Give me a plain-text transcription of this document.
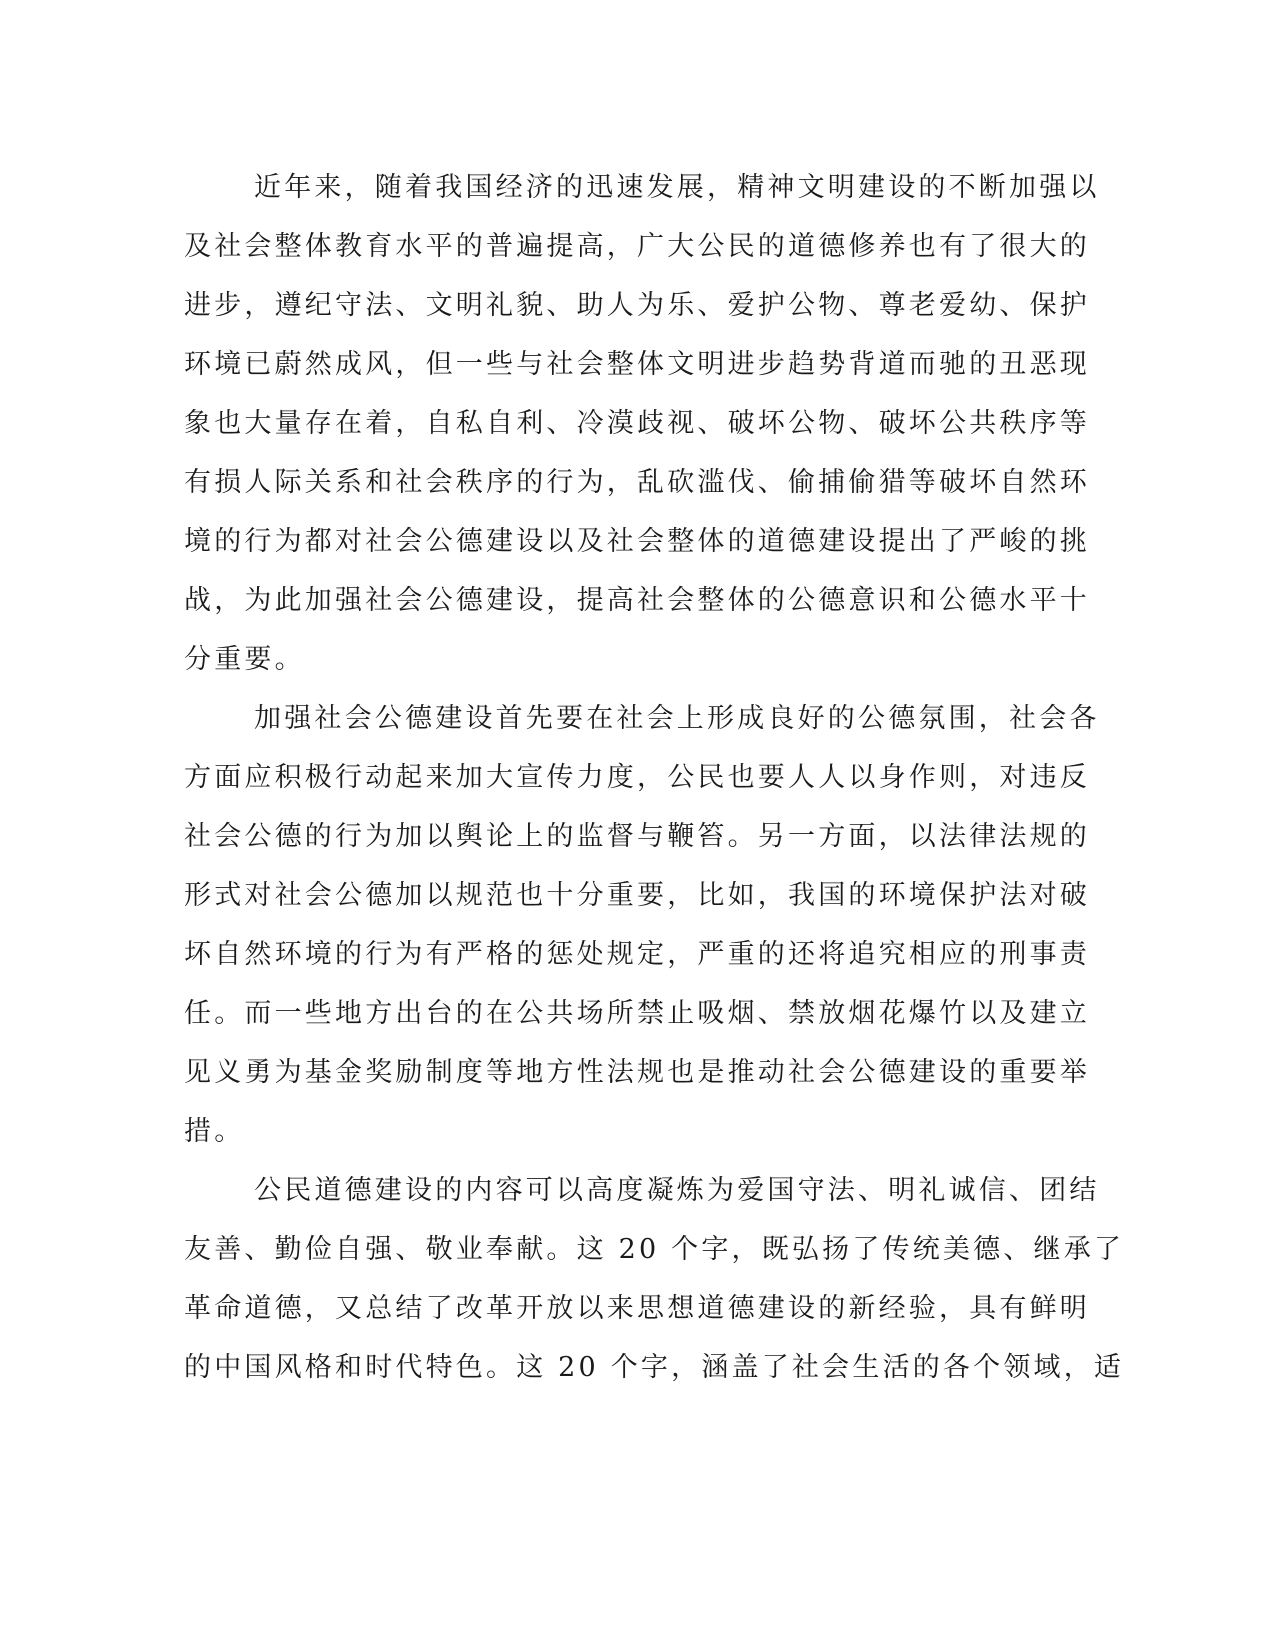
近年来，随着我国经济的迅速发展，精神文明建设的不断加强以
及社会整体教育水平的普遍提高，广大公民的道德修养也有了很大的
进步，遵纪守法、文明礼貌、助人为乐、爱护公物、尊老爱幼、保护
环境已蔚然成风，但一些与社会整体文明进步趋势背道而驰的丑恶现
象也大量存在着，自私自利、冷漠歧视、破坏公物、破坏公共秩序等
有损人际关系和社会秩序的行为，乱砍滥伐、偷捕偷猎等破坏自然环
境的行为都对社会公德建设以及社会整体的道德建设提出了严峻的挑
战，为此加强社会公德建设，提高社会整体的公德意识和公德水平十
分重要。
加强社会公德建设首先要在社会上形成良好的公德氛围，社会各
方面应积极行动起来加大宣传力度，公民也要人人以身作则，对违反
社会公德的行为加以舆论上的监督与鞭笞。另一方面，以法律法规的
形式对社会公德加以规范也十分重要，比如，我国的环境保护法对破
坏自然环境的行为有严格的惩处规定，严重的还将追究相应的刑事责
任。而一些地方出台的在公共场所禁止吸烟、禁放烟花爆竹以及建立
见义勇为基金奖励制度等地方性法规也是推动社会公德建设的重要举
措。
公民道德建设的内容可以高度凝炼为爱国守法、明礼诚信、团结
友善、勤俭自强、敬业奉献。这 20 个字，既弘扬了传统美德、继承了
革命道德，又总结了改革开放以来思想道德建设的新经验，具有鲜明
的中国风格和时代特色。这 20 个字，涵盖了社会生活的各个领域，适
